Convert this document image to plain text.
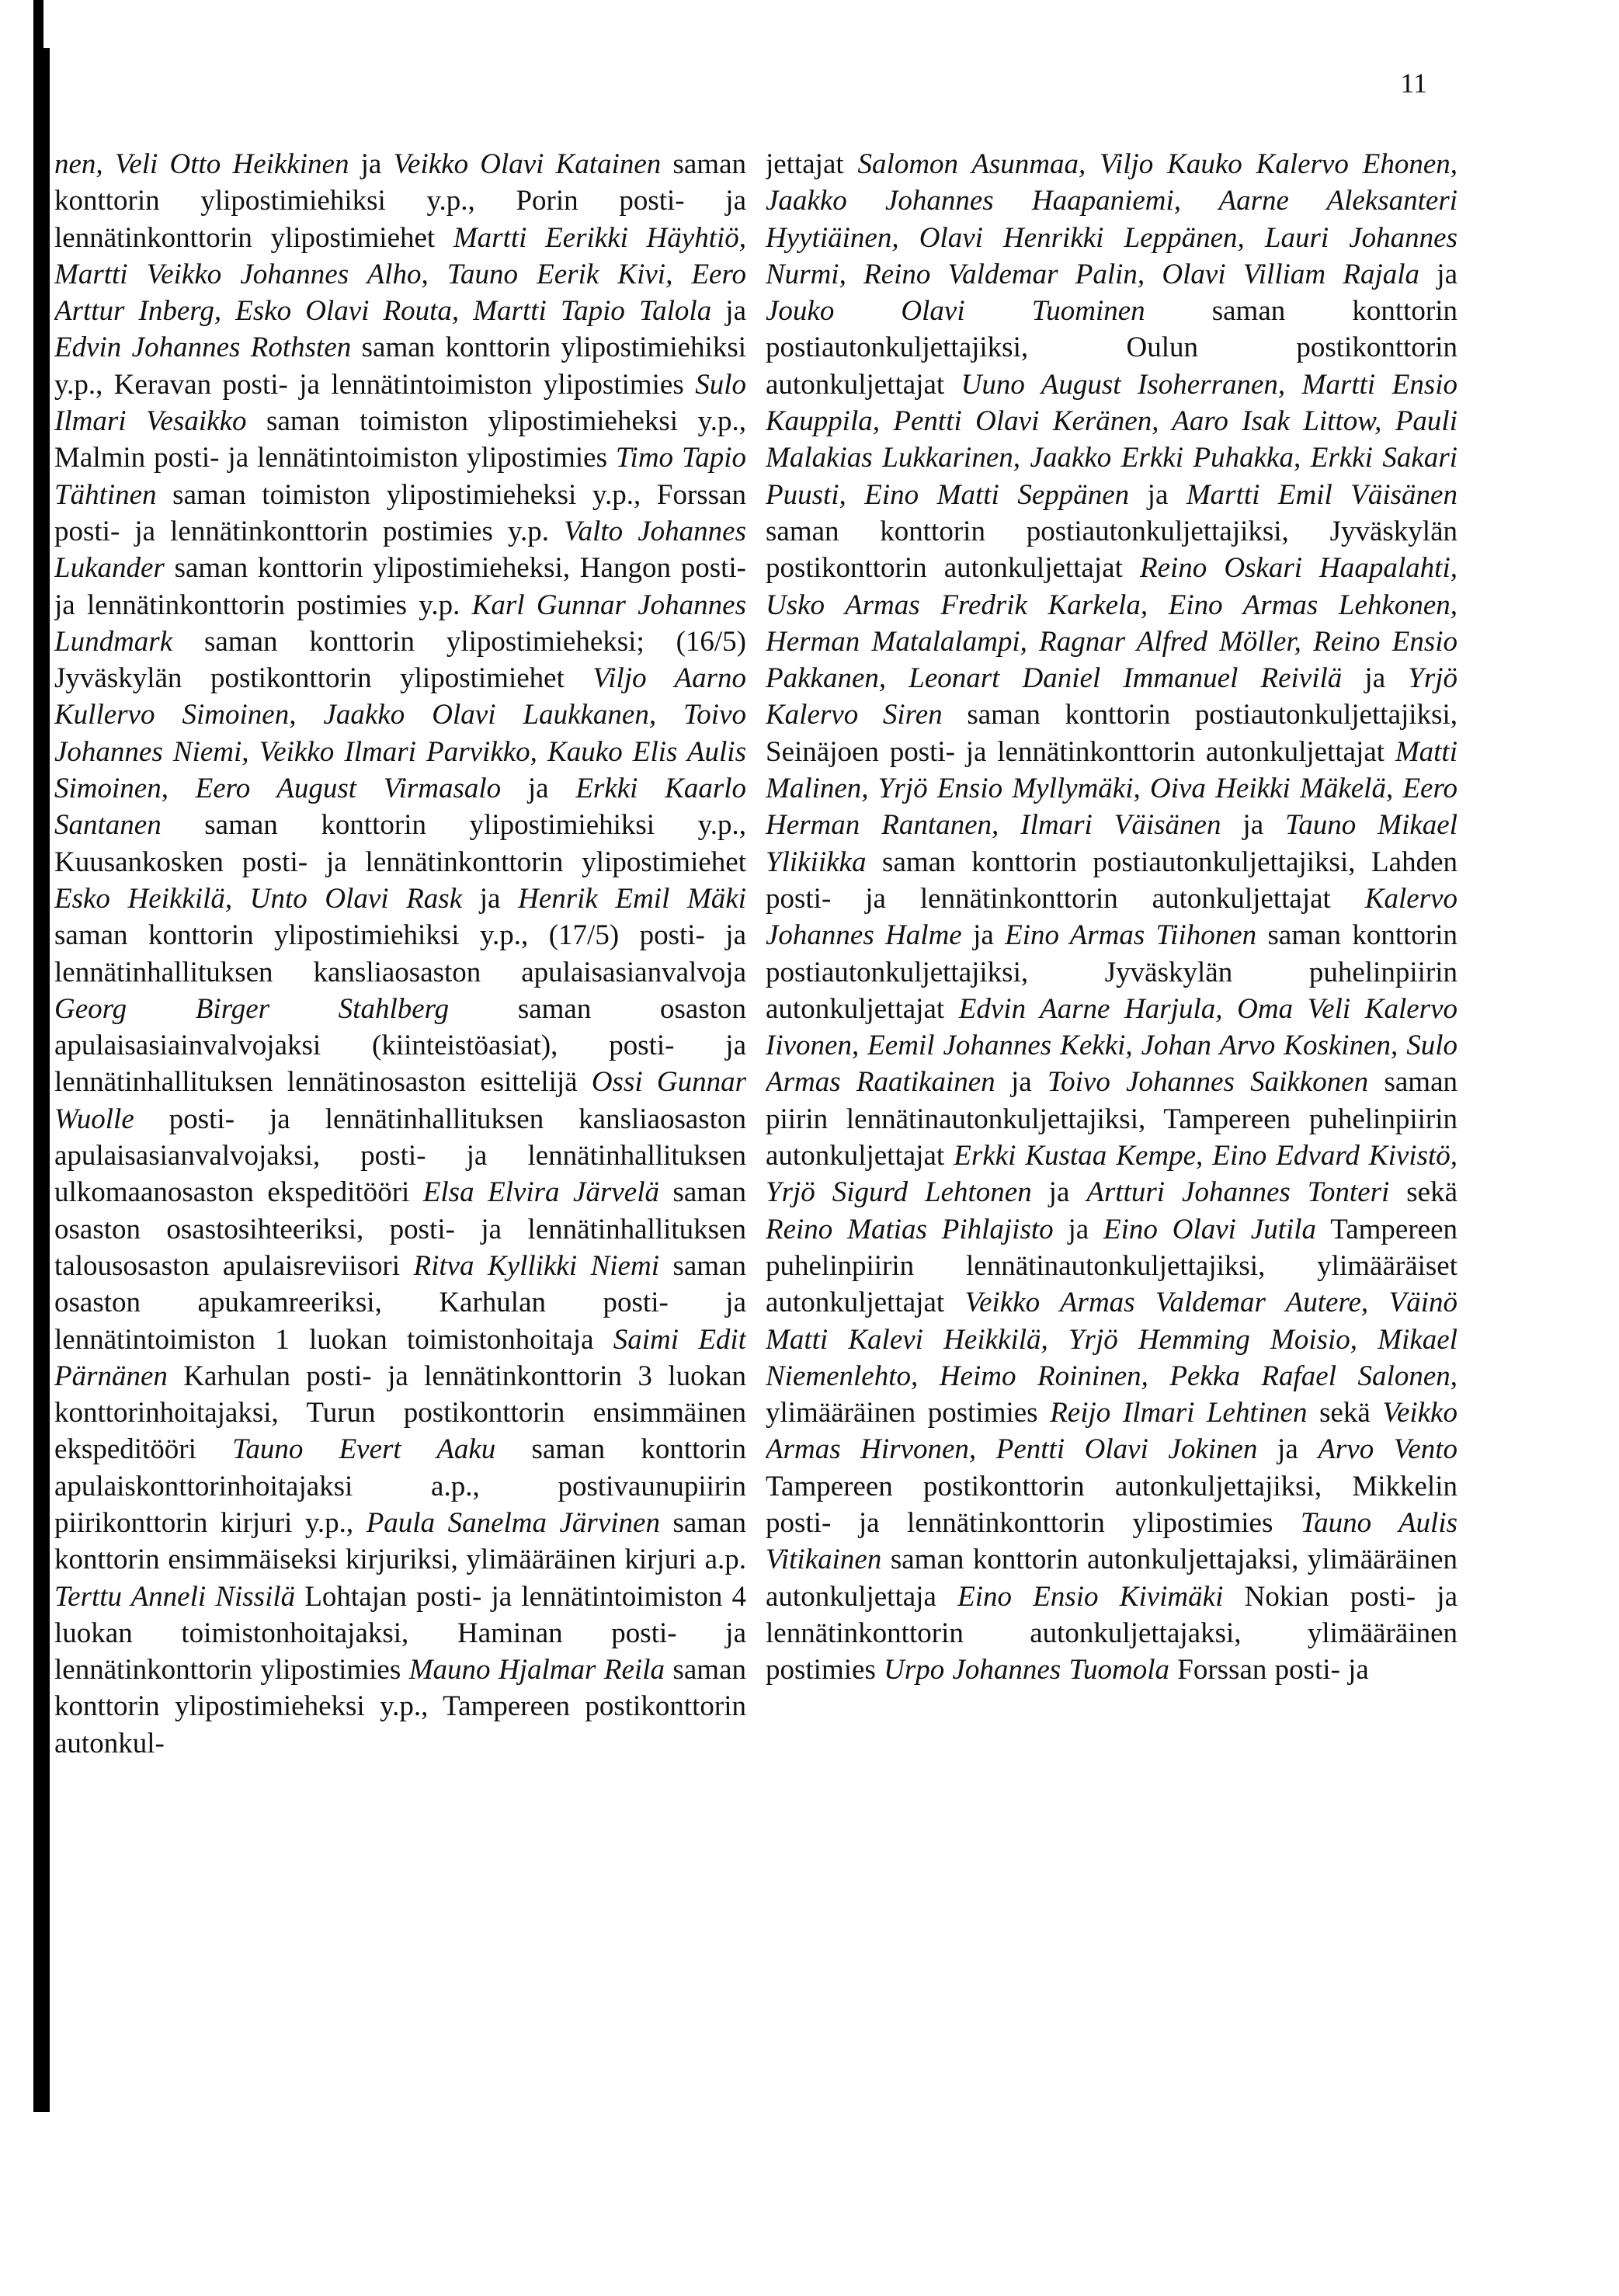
11

nen, Veli Otto Heikkinen ja Veikko Olavi Katainen saman konttorin ylipostimiehiksi y.p., Porin posti- ja lennätinkonttorin ylipostimiehet Martti Eerikki Häyhtiö, Martti Veikko Johannes Alho, Tauno Eerik Kivi, Eero Arttur Inberg, Esko Olavi Routa, Martti Tapio Talola ja Edvin Johannes Rothsten saman konttorin ylipostimiehiksi y.p., Keravan posti- ja lennätintoimiston ylipostimies Sulo Ilmari Vesaikko saman toimiston ylipostimieheksi y.p., Malmin posti- ja lennätintoimiston ylipostimies Timo Tapio Tähtinen saman toimiston ylipostimieheksi y.p., Forssan posti- ja lennätinkonttorin postimies y.p. Valto Johannes Lukander saman konttorin ylipostimieheksi, Hangon posti- ja lennätinkonttorin postimies y.p. Karl Gunnar Johannes Lundmark saman konttorin ylipostimieheksi; (16/5) Jyväskylän postikonttorin ylipostimiehet Viljo Aarno Kullervo Simoinen, Jaakko Olavi Laukkanen, Toivo Johannes Niemi, Veikko Ilmari Parvikko, Kauko Elis Aulis Simoinen, Eero August Virmasalo ja Erkki Kaarlo Santanen saman konttorin ylipostimiehiksi y.p., Kuusankosken posti- ja lennätinkonttorin ylipostimiehet Esko Heikkilä, Unto Olavi Rask ja Henrik Emil Mäki saman konttorin ylipostimiehiksi y.p., (17/5) posti- ja lennätinhallituksen kansliaosaston apulaisasianvalvoja Georg Birger Stahlberg saman osaston apulaisasiainvalvojaksi (kiinteistöasiat), posti- ja lennätinhallituksen lennätinosaston esittelijä Ossi Gunnar Wuolle posti- ja lennätinhallituksen kansliaosaston apulaisasianvalvojaksi, posti- ja lennätinhallituksen ulkomaanosaston ekspeditööri Elsa Elvira Järvelä saman osaston osastosihteeriksi, posti- ja lennätinhallituksen talousosaston apulaisreviisori Ritva Kyllikki Niemi saman osaston apukamreeriksi, Karhulan posti- ja lennätintoimiston 1 luokan toimistonhoitaja Saimi Edit Pärnänen Karhulan posti- ja lennätinkonttorin 3 luokan konttorinhoitajaksi, Turun postikonttorin ensimmäinen ekspeditööri Tauno Evert Aaku saman konttorin apulaiskonttorinhoitajaksi a.p., postivaunupiirin piirikonttorin kirjuri y.p., Paula Sanelma Järvinen saman konttorin ensimmäiseksi kirjuriksi, ylimääräinen kirjuri a.p. Terttu Anneli Nissilä Lohtajan posti- ja lennätintoimiston 4 luokan toimistonhoitajaksi, Haminan posti- ja lennätinkonttorin ylipostimies Mauno Hjalmar Reila saman konttorin ylipostimieheksi y.p., Tampereen postikonttorin autonkul-

jettajat Salomon Asunmaa, Viljo Kauko Kalervo Ehonen, Jaakko Johannes Haapaniemi, Aarne Aleksanteri Hyytiäinen, Olavi Henrikki Leppänen, Lauri Johannes Nurmi, Reino Valdemar Palin, Olavi Villiam Rajala ja Jouko Olavi Tuominen saman konttorin postiautonkuljettajiksi, Oulun postikonttorin autonkuljettajat Uuno August Isoherranen, Martti Ensio Kauppila, Pentti Olavi Keränen, Aaro Isak Littow, Pauli Malakias Lukkarinen, Jaakko Erkki Puhakka, Erkki Sakari Puusti, Eino Matti Seppänen ja Martti Emil Väisänen saman konttorin postiautonkuljettajiksi, Jyväskylän postikonttorin autonkuljettajat Reino Oskari Haapalahti, Usko Armas Fredrik Karkela, Eino Armas Lehkonen, Herman Matalalampi, Ragnar Alfred Möller, Reino Ensio Pakkanen, Leonart Daniel Immanuel Reivilä ja Yrjö Kalervo Siren saman konttorin postiautonkuljettajiksi, Seinäjoen posti- ja lennätinkonttorin autonkuljettajat Matti Malinen, Yrjö Ensio Myllymäki, Oiva Heikki Mäkelä, Eero Herman Rantanen, Ilmari Väisänen ja Tauno Mikael Ylikiikka saman konttorin postiautonkuljettajiksi, Lahden posti- ja lennätinkonttorin autonkuljettajat Kalervo Johannes Halme ja Eino Armas Tiihonen saman konttorin postiautonkuljettajiksi, Jyväskylän puhelinpiirin autonkuljettajat Edvin Aarne Harjula, Oma Veli Kalervo Iivonen, Eemil Johannes Kekki, Johan Arvo Koskinen, Sulo Armas Raatikainen ja Toivo Johannes Saikkonen saman piirin lennätinautonkuljettajiksi, Tampereen puhelinpiirin autonkuljettajat Erkki Kustaa Kempe, Eino Edvard Kivistö, Yrjö Sigurd Lehtonen ja Artturi Johannes Tonteri sekä Reino Matias Pihlajisto ja Eino Olavi Jutila Tampereen puhelinpiirin lennätinautonkuljettajiksi, ylimääräiset autonkuljettajat Veikko Armas Valdemar Autere, Väinö Matti Kalevi Heikkilä, Yrjö Hemming Moisio, Mikael Niemenlehto, Heimo Roininen, Pekka Rafael Salonen, ylimääräinen postimies Reijo Ilmari Lehtinen sekä Veikko Armas Hirvonen, Pentti Olavi Jokinen ja Arvo Vento Tampereen postikonttorin autonkuljettajiksi, Mikkelin posti- ja lennätinkonttorin ylipostimies Tauno Aulis Vitikainen saman konttorin autonkuljettajaksi, ylimääräinen autonkuljettaja Eino Ensio Kivimäki Nokian posti- ja lennätinkonttorin autonkuljettajaksi, ylimääräinen postimies Urpo Johannes Tuomola Forssan posti- ja
